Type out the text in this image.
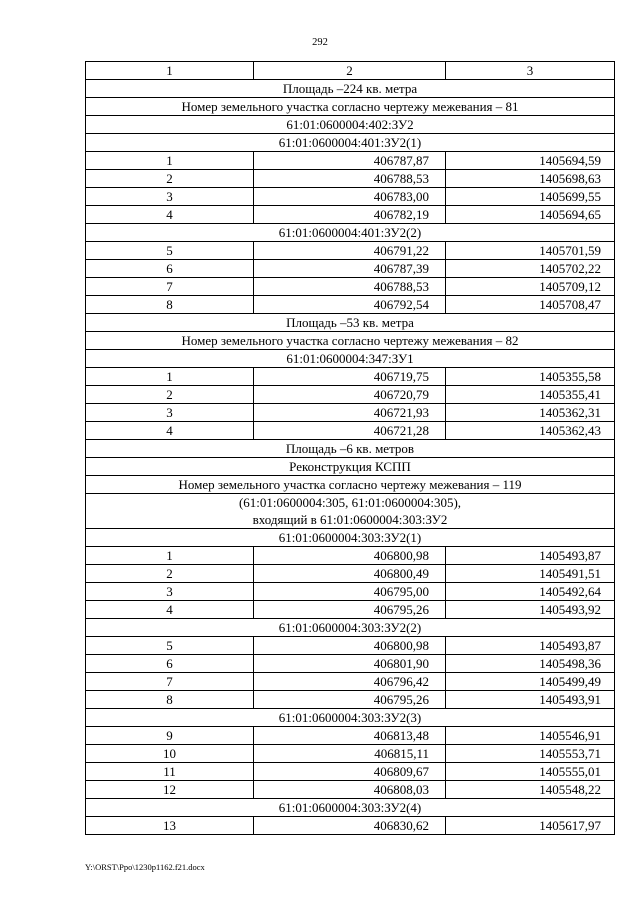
292
1	2	3
Площадь –224 кв. метра		
Номер земельного участка согласно чертежу межевания – 81		
61:01:0600004:402:ЗУ2		
61:01:0600004:401:ЗУ2(1)		
1	406787,87	1405694,59
2	406788,53	1405698,63
3	406783,00	1405699,55
4	406782,19	1405694,65
61:01:0600004:401:ЗУ2(2)		
5	406791,22	1405701,59
6	406787,39	1405702,22
7	406788,53	1405709,12
8	406792,54	1405708,47
Площадь –53 кв. метра		
Номер земельного участка согласно чертежу межевания – 82		
61:01:0600004:347:ЗУ1		
1	406719,75	1405355,58
2	406720,79	1405355,41
3	406721,93	1405362,31
4	406721,28	1405362,43
Площадь –6 кв. метров		
Реконструкция КСПП		
Номер земельного участка согласно чертежу межевания – 119		

(61:01:0600004:305, 61:01:0600004:305),
входящий в 61:01:0600004:303:ЗУ2		

61:01:0600004:303:ЗУ2(1)		
1	406800,98	1405493,87
2	406800,49	1405491,51
3	406795,00	1405492,64
4	406795,26	1405493,92
61:01:0600004:303:ЗУ2(2)		
5	406800,98	1405493,87
6	406801,90	1405498,36
7	406796,42	1405499,49
8	406795,26	1405493,91
61:01:0600004:303:ЗУ2(3)		
9	406813,48	1405546,91
10	406815,11	1405553,71
11	406809,67	1405555,01
12	406808,03	1405548,22
61:01:0600004:303:ЗУ2(4)		
13	406830,62	1405617,97
Y:\ORST\Ppo\1230p1162.f21.docx
